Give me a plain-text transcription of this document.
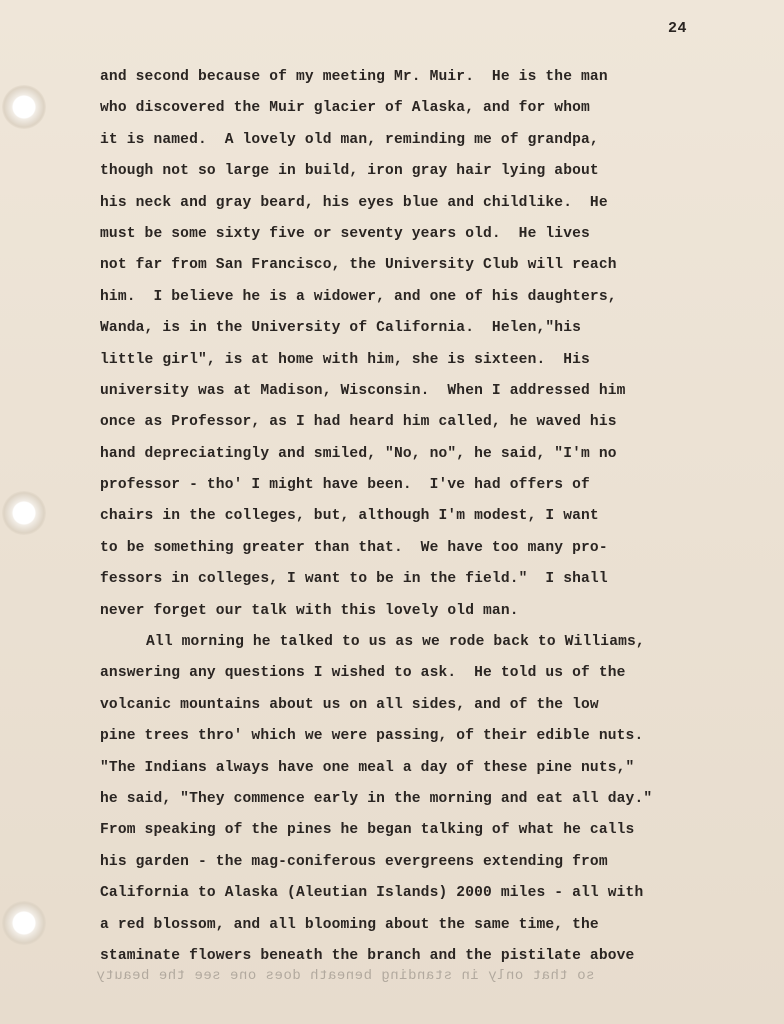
24
and second because of my meeting Mr. Muir.  He is the man
who discovered the Muir glacier of Alaska, and for whom
it is named.  A lovely old man, reminding me of grandpa,
though not so large in build, iron gray hair lying about
his neck and gray beard, his eyes blue and childlike.  He
must be some sixty five or seventy years old.  He lives
not far from San Francisco, the University Club will reach
him.  I believe he is a widower, and one of his daughters,
Wanda, is in the University of California.  Helen,"his
little girl", is at home with him, she is sixteen.  His
university was at Madison, Wisconsin.  When I addressed him
once as Professor, as I had heard him called, he waved his
hand depreciatingly and smiled, "No, no", he said, "I'm no
professor - tho' I might have been.  I've had offers of
chairs in the colleges, but, although I'm modest, I want
to be something greater than that.  We have too many pro-
fessors in colleges, I want to be in the field."  I shall
never forget our talk with this lovely old man.
All morning he talked to us as we rode back to Williams,
answering any questions I wished to ask.  He told us of the
volcanic mountains about us on all sides, and of the low
pine trees thro' which we were passing, of their edible nuts.
"The Indians always have one meal a day of these pine nuts,"
he said, "They commence early in the morning and eat all day."
From speaking of the pines he began talking of what he calls
his garden - the mag-coniferous evergreens extending from
California to Alaska (Aleutian Islands) 2000 miles - all with
a red blossom, and all blooming about the same time, the
staminate flowers beneath the branch and the pistilate above
so that only in standing beneath does one see the beauty
